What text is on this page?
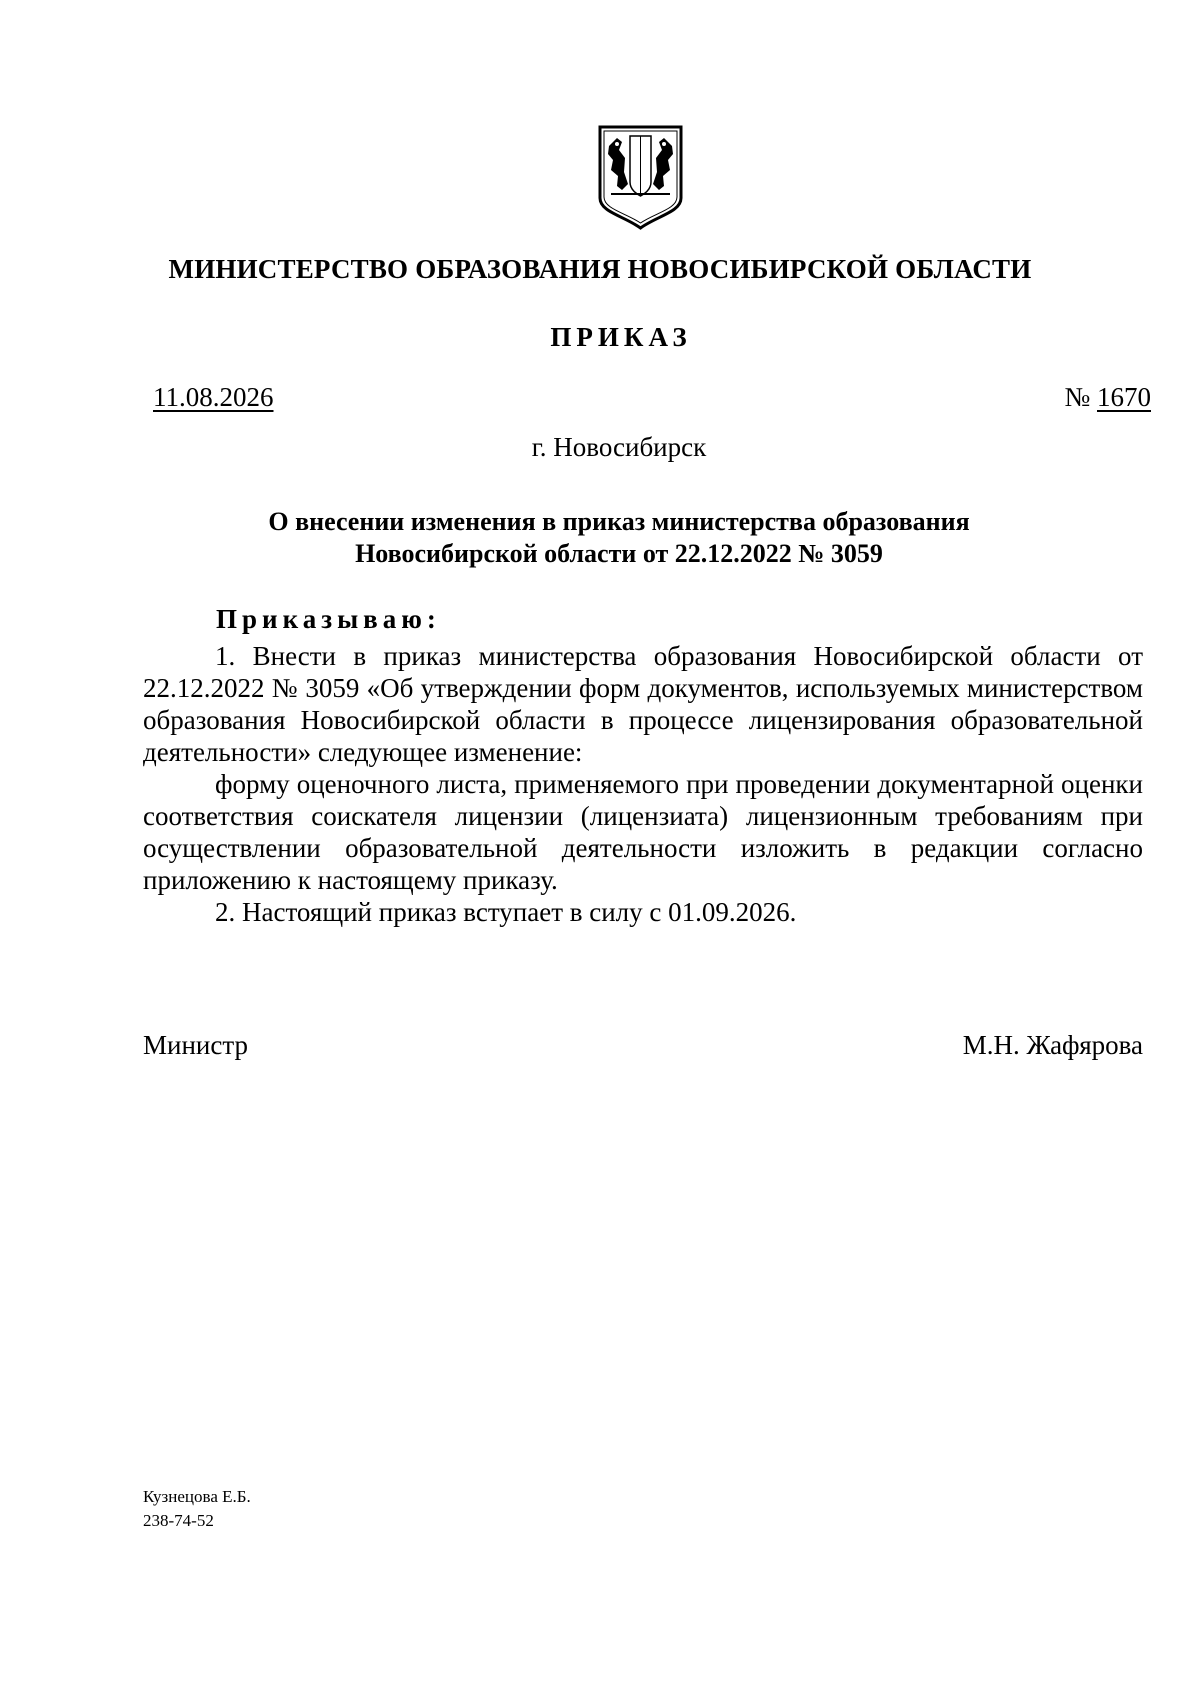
МИНИСТЕРСТВО ОБРАЗОВАНИЯ НОВОСИБИРСКОЙ ОБЛАСТИ
ПРИКАЗ
11.08.2026	№ 1670
г. Новосибирск
О внесении изменения в приказ министерства образования
Новосибирской области от 22.12.2022 № 3059
Приказываю:

1. Внести в приказ министерства образования Новосибирской области от 22.12.2022 № 3059 «Об утверждении форм документов, используемых министерством образования Новосибирской области в процессе лицензирования образовательной деятельности» следующее изменение:

форму оценочного листа, применяемого при проведении документарной оценки соответствия соискателя лицензии (лицензиата) лицензионным требованиям при осуществлении образовательной деятельности изложить в редакции согласно приложению к настоящему приказу.

2. Настоящий приказ вступает в силу с 01.09.2026.

Министр	М.Н. Жафярова
Кузнецова Е.Б.
238-74-52
